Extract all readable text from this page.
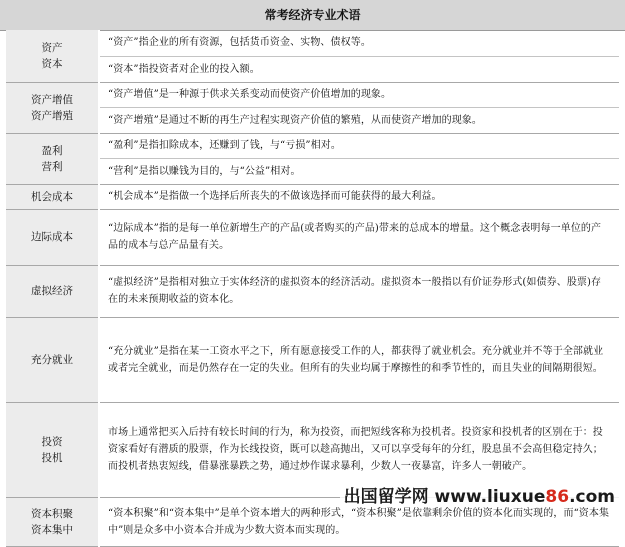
常考经济专业术语
资产
资本	“资产”指企业的所有资源，包括货币资金、实物、债权等。
	“资本”指投资者对企业的投入额。

资产增值
资产增殖	“资产增值”是一种源于供求关系变动而使资产价值增加的现象。
	“资产增殖”是通过不断的再生产过程实现资产价值的繁殖，从而使资产增加的现象。

盈利
营利	“盈利”是指扣除成本，还赚到了钱，与“亏损”相对。
	“营利”是指以赚钱为目的，与“公益”相对。

机会成本	“机会成本”是指做一个选择后所丧失的不做该选择而可能获得的最大利益。

边际成本	“边际成本”指的是每一单位新增生产的产品(或者购买的产品)带来的总成本的增量。这个概念表明每一单位的产品的成本与总产品量有关。

虚拟经济	“虚拟经济”是指相对独立于实体经济的虚拟资本的经济活动。虚拟资本一般指以有价证券形式(如债券、股票)存在的未来预期收益的资本化。

充分就业	“充分就业”是指在某一工资水平之下，所有愿意接受工作的人，都获得了就业机会。充分就业并不等于全部就业或者完全就业，而是仍然存在一定的失业。但所有的失业均属于摩擦性的和季节性的，而且失业的间隔期很短。

投资
投机	市场上通常把买入后持有较长时间的行为，称为投资，而把短线客称为投机者。投资家和投机者的区别在于：投资家看好有潜质的股票，作为长线投资，既可以趁高抛出，又可以享受每年的分红，股息虽不会高但稳定持久；而投机者热衷短线，借暴涨暴跌之势，通过炒作谋求暴利，少数人一夜暴富，许多人一朝破产。

资本积聚
资本集中	“资本积聚”和“资本集中”是单个资本增大的两种形式，“资本积聚”是依靠剩余价值的资本化而实现的，而“资本集中”则是众多中小资本合并成为少数大资本而实现的。
出国留学网 www.liuxue86.com
